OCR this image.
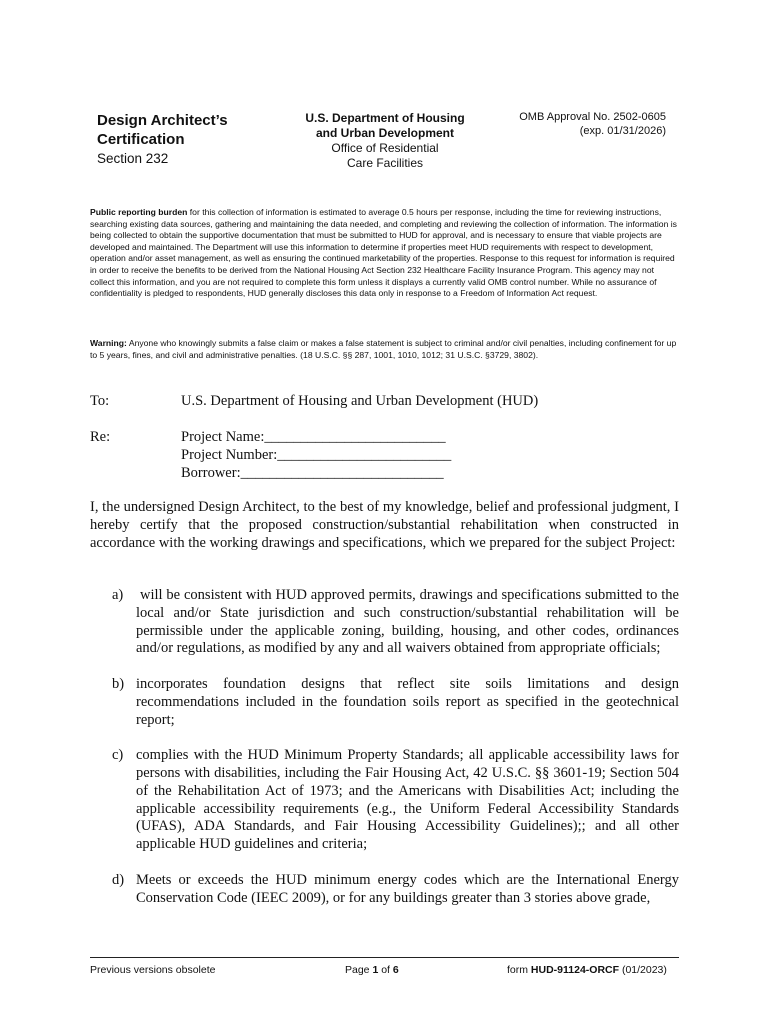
Design Architect’s Certification
Section 232
U.S. Department of Housing
and Urban Development
Office of Residential
Care Facilities
OMB Approval No. 2502-0605
(exp. 01/31/2026)
Public reporting burden for this collection of information is estimated to average 0.5 hours per response, including the time for reviewing instructions, searching existing data sources, gathering and maintaining the data needed, and completing and reviewing the collection of information. The information is being collected to obtain the supportive documentation that must be submitted to HUD for approval, and is necessary to ensure that viable projects are developed and maintained. The Department will use this information to determine if properties meet HUD requirements with respect to development, operation and/or asset management, as well as ensuring the continued marketability of the properties. Response to this request for information is required in order to receive the benefits to be derived from the National Housing Act Section 232 Healthcare Facility Insurance Program. This agency may not collect this information, and you are not required to complete this form unless it displays a currently valid OMB control number. While no assurance of confidentiality is pledged to respondents, HUD generally discloses this data only in response to a Freedom of Information Act request.
Warning: Anyone who knowingly submits a false claim or makes a false statement is subject to criminal and/or civil penalties, including confinement for up to 5 years, fines, and civil and administrative penalties. (18 U.S.C. §§ 287, 1001, 1010, 1012; 31 U.S.C. §3729, 3802).
To:	U.S. Department of Housing and Urban Development (HUD)
Re:	Project Name:_________________________
Project Number:________________________
Borrower:____________________________
I, the undersigned Design Architect, to the best of my knowledge, belief and professional judgment, I hereby certify that the proposed construction/substantial rehabilitation when constructed in accordance with the working drawings and specifications, which we prepared for the subject Project:
a) will be consistent with HUD approved permits, drawings and specifications submitted to the local and/or State jurisdiction and such construction/substantial rehabilitation will be permissible under the applicable zoning, building, housing, and other codes, ordinances and/or regulations, as modified by any and all waivers obtained from appropriate officials;
b) incorporates foundation designs that reflect site soils limitations and design recommendations included in the foundation soils report as specified in the geotechnical report;
c) complies with the HUD Minimum Property Standards; all applicable accessibility laws for persons with disabilities, including the Fair Housing Act, 42 U.S.C. §§ 3601-19; Section 504 of the Rehabilitation Act of 1973; and the Americans with Disabilities Act; including the applicable accessibility requirements (e.g., the Uniform Federal Accessibility Standards (UFAS), ADA Standards, and Fair Housing Accessibility Guidelines);; and all other applicable HUD guidelines and criteria;
d) Meets or exceeds the HUD minimum energy codes which are the International Energy Conservation Code (IEEC 2009), or for any buildings greater than 3 stories above grade,
Previous versions obsolete	Page 1 of 6	form HUD-91124-ORCF (01/2023)
